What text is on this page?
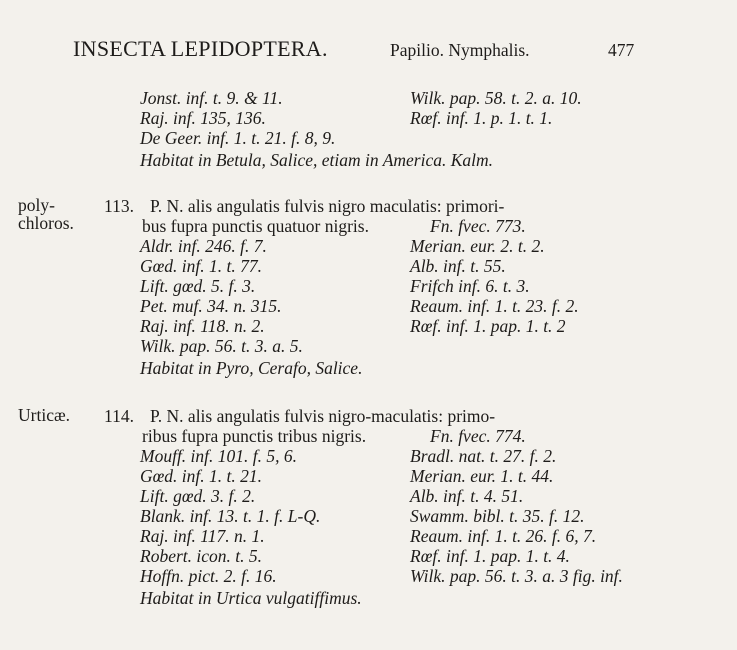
INSECTA LEPIDOPTERA.	Papilio. Nymphalis.	477
Jonst. inf. t. 9. & 11.	Wilk. pap. 58. t. 2. a. 10.
Raj. inf. 135, 136.	Rœf. inf. 1. p. 1. t. 1.
De Geer. inf. 1. t. 21. f. 8, 9.
Habitat in Betula, Salice, etiam in America. Kalm.
poly-
chloros.
113. P. N. alis angulatis fulvis nigro maculatis: primori-
bus fupra punctis quatuor nigris.	Fn. fvec. 773.
Aldr. inf. 246. f. 7.	Merian. eur. 2. t. 2.
Gœd. inf. 1. t. 77.	Alb. inf. t. 55.
Lift. gœd. 5. f. 3.	Frifch inf. 6. t. 3.
Pet. muf. 34. n. 315.	Reaum. inf. 1. t. 23. f. 2.
Raj. inf. 118. n. 2.	Rœf. inf. 1. pap. 1. t. 2
Wilk. pap. 56. t. 3. a. 5.
Habitat in Pyro, Cerafo, Salice.
Urticæ. 114. P. N. alis angulatis fulvis nigro-maculatis: primo-
ribus fupra punctis tribus nigris.	Fn. fvec. 774.
Mouff. inf. 101. f. 5, 6.	Bradl. nat. t. 27. f. 2.
Gœd. inf. 1. t. 21.	Merian. eur. 1. t. 44.
Lift. gœd. 3. f. 2.	Alb. inf. t. 4. 51.
Blank. inf. 13. t. 1. f. L-Q.	Swamm. bibl. t. 35. f. 12.
Raj. inf. 117. n. 1.	Reaum. inf. 1. t. 26. f. 6, 7.
Robert. icon. t. 5.	Rœf. inf. 1. pap. 1. t. 4.
Hoffn. pict. 2. f. 16.	Wilk. pap. 56. t. 3. a. 3 fig. inf.
Habitat in Urtica vulgatiffimus.
